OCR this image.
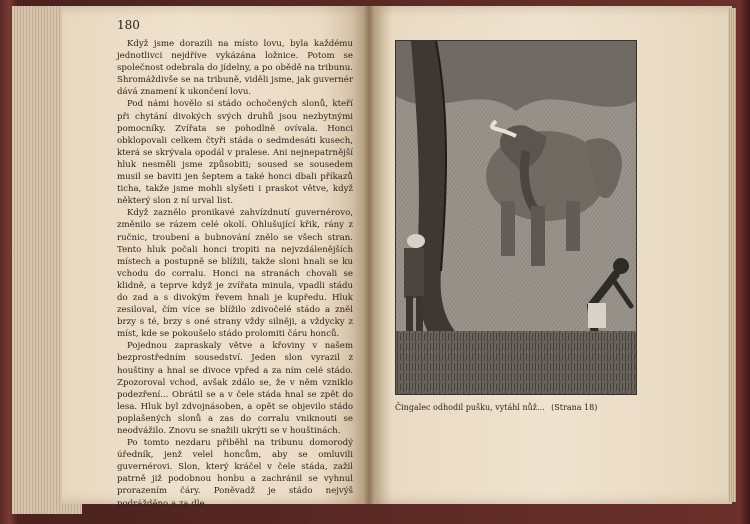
180

Když jsme dorazili na místo lovu, byla každému jednotlivci nejdříve vykázána ložnice. Potom se společnost odebrala do jídelny, a po obědě na tribunu. Shromáždivše se na tribuně, viděli jsme, jak guvernér dává znamení k ukončení lovu.

Pod námi hovělo si stádo ochočených slonů, kteří při chytání divokých svých druhů jsou nezbytnými pomocníky. Zvířata se pohodlně ovívala. Honci obklopovali celkem čtyři stáda o sedmdesáti kusech, která se skrývala opodál v pralese. Ani nejnepatrnější hluk nesměli jsme způsobiti; soused se sousedem musil se baviti jen šeptem a také honci dbali příkazů ticha, takže jsme mohli slyšeti i praskot větve, když některý slon z ní urval list.

Když zaznělo pronikavé zahvízdnutí guvernérovo, změnilo se rázem celé okolí. Ohlušující křik, rány z ručnic, troubení a bubnování znělo se všech stran. Tento hluk počali honci tropiti na nejvzdálenějších místech a postupně se blížili, takže sloni hnali se ku vchodu do corralu. Honci na stranách chovali se klidně, a teprve když je zvířata minula, vpadli stádu do zad a s divokým řevem hnali je kupředu. Hluk zesiloval, čím více se blížilo zdivočelé stádo a zněl brzy s té, brzy s oné strany vždy silněji, a vždycky z míst, kde se pokoušelo stádo prolomiti čáru honců.

Pojednou zapraskaly větve a křoviny v našem bezprostředním sousedství. Jeden slon vyrazil z houštiny a hnal se divoce vpřed a za ním celé stádo. Zpozoroval vchod, avšak zdálo se, že v něm vzniklo podezření... Obrátil se a v čele stáda hnal se zpět do lesa. Hluk byl zdvojnásoben, a opět se objevilo stádo poplašených slonů a zas do corralu vniknouti se neodvážilo. Znovu se snažili ukrýti se v houštinách.

Po tomto nezdaru přiběhl na tribunu domorodý úředník, jenž velel honcům, aby se omluvili guvernérovi. Slon, který kráčel v čele stáda, zažil patrně již podobnou honbu a zachránil se vyhnul prorazením čáry. Poněvadž je stádo nejvýš podrážděno a za dle

Čingalec odhodil pušku, vytáhl nůž... (Strana 18)
